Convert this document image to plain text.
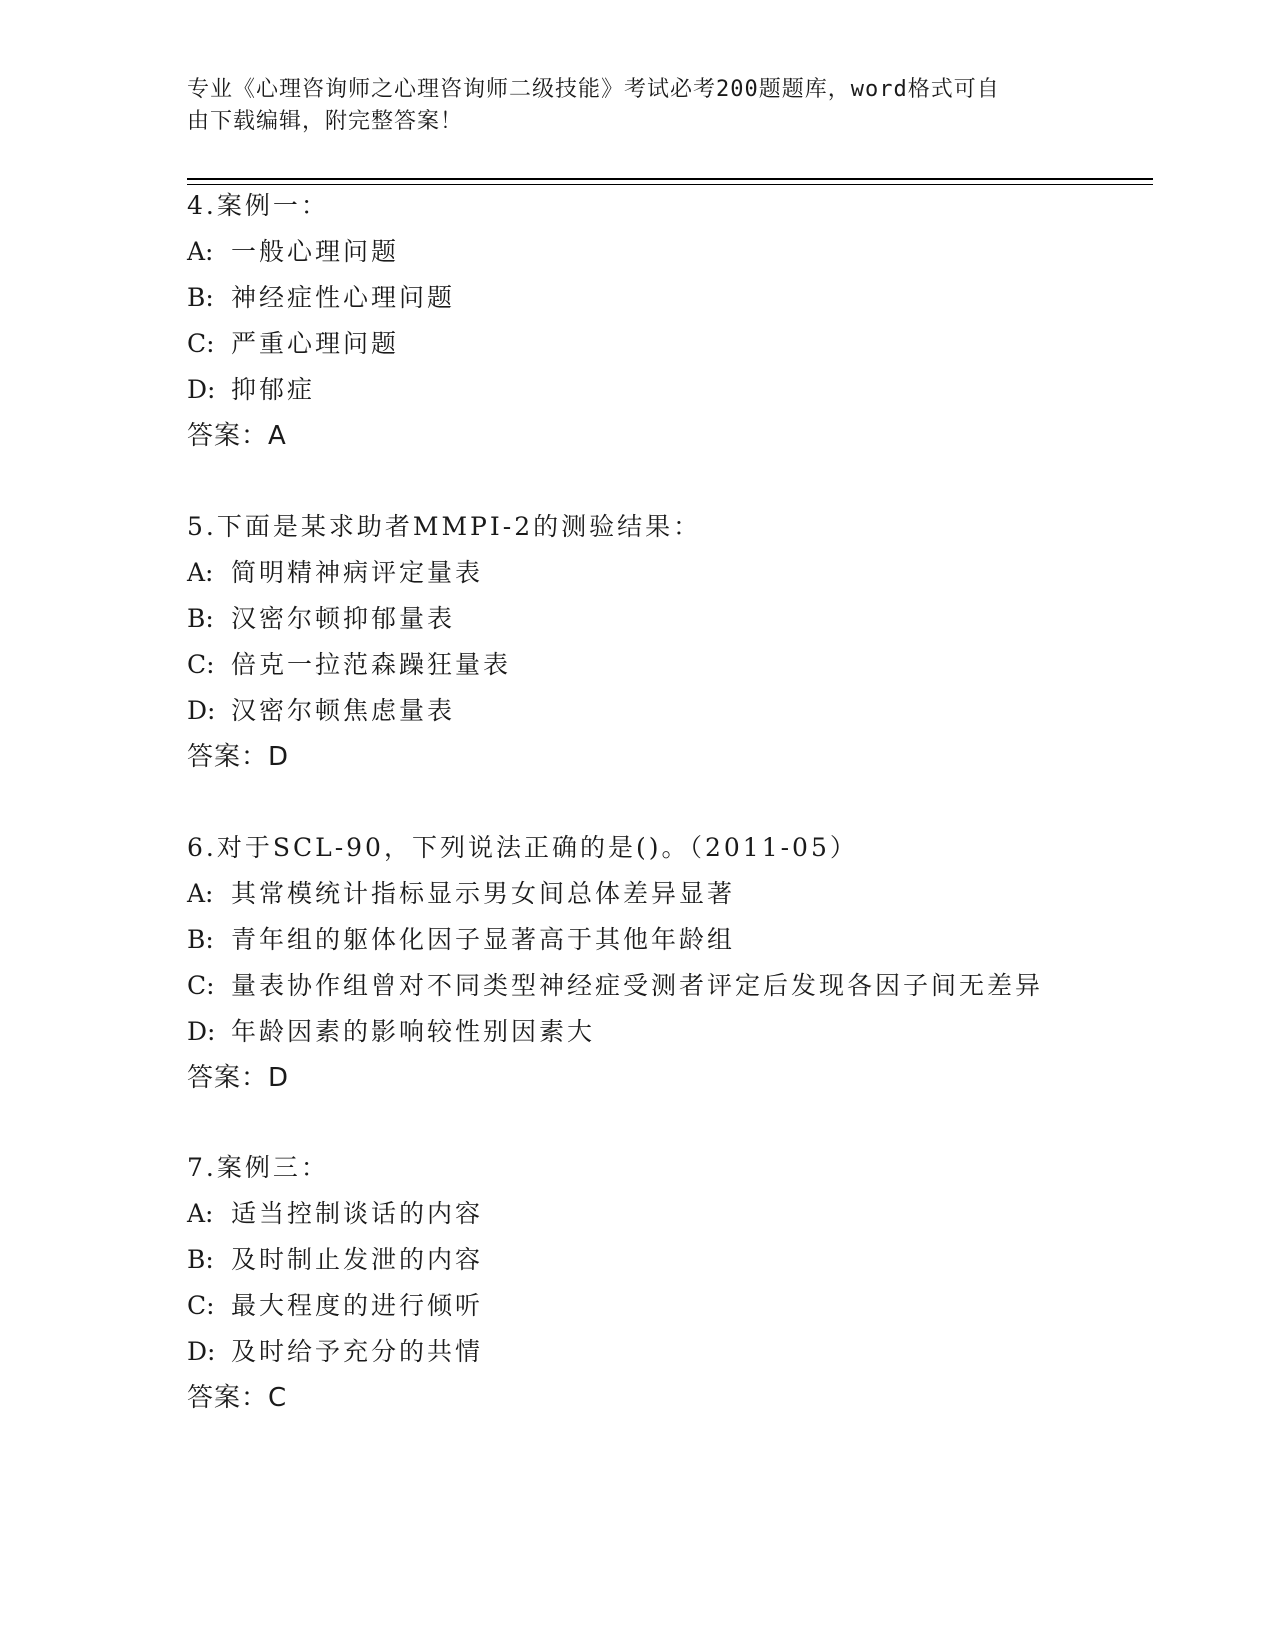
专业《心理咨询师之心理咨询师二级技能》考试必考200题题库，word格式可自
由下载编辑，附完整答案！
4.案例一：
A: 一般心理问题
B: 神经症性心理问题
C: 严重心理问题
D: 抑郁症
答案：A
5.下面是某求助者MMPI-2的测验结果：
A: 简明精神病评定量表
B: 汉密尔顿抑郁量表
C: 倍克一拉范森躁狂量表
D: 汉密尔顿焦虑量表
答案：D
6.对于SCL-90，下列说法正确的是()。（2011-05）
A: 其常模统计指标显示男女间总体差异显著
B: 青年组的躯体化因子显著高于其他年龄组
C: 量表协作组曾对不同类型神经症受测者评定后发现各因子间无差异
D: 年龄因素的影响较性别因素大
答案：D
7.案例三：
A: 适当控制谈话的内容
B: 及时制止发泄的内容
C: 最大程度的进行倾听
D: 及时给予充分的共情
答案：C
